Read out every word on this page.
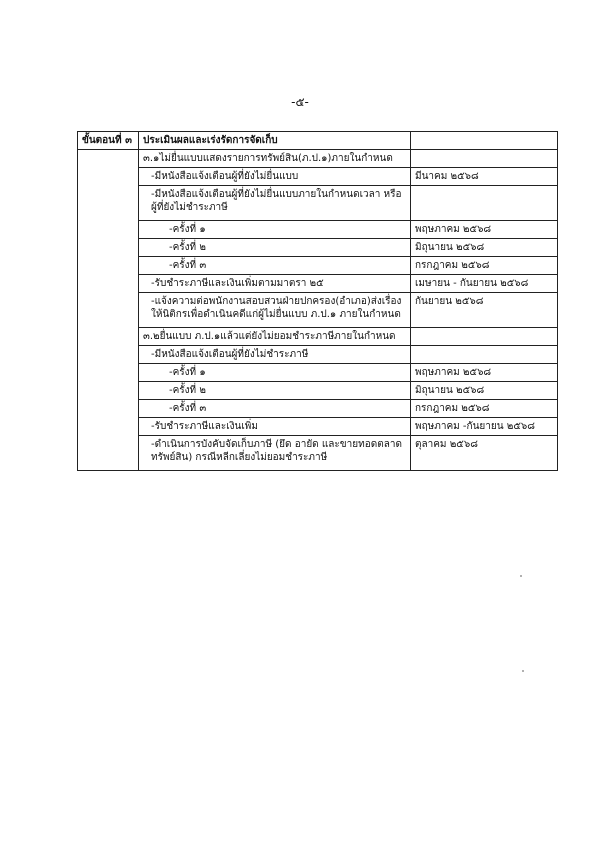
-๕-
ขั้นตอนที่ ๓	ประเมินผลและเร่งรัดการจัดเก็บ	
	๓.๑ไม่ยื่นแบบแสดงรายการทรัพย์สิน(ภ.ป.๑)ภายในกำหนด	
	-มีหนังสือแจ้งเตือนผู้ที่ยังไม่ยื่นแบบ	มีนาคม ๒๕๖๘
	-มีหนังสือแจ้งเตือนผู้ที่ยังไม่ยื่นแบบภายในกำหนดเวลา หรือผู้ที่ยังไม่ชำระภาษี	
	-ครั้งที่ ๑	พฤษภาคม ๒๕๖๘
	-ครั้งที่ ๒	มิถุนายน ๒๕๖๘
	-ครั้งที่ ๓	กรกฎาคม ๒๕๖๘
	-รับชำระภาษีและเงินเพิ่มตามมาตรา ๒๕	เมษายน - กันยายน ๒๕๖๘
	-แจ้งความต่อพนักงานสอบสวนฝ่ายปกครอง(อำเภอ)ส่งเรื่องให้นิติกรเพื่อดำเนินคดีแก่ผู้ไม่ยื่นแบบ ภ.ป.๑ ภายในกำหนด	กันยายน ๒๕๖๘
	๓.๒ยื่นแบบ ภ.ป.๑แล้วแต่ยังไม่ยอมชำระภาษีภายในกำหนด	
	-มีหนังสือแจ้งเตือนผู้ที่ยังไม่ชำระภาษี	
	-ครั้งที่ ๑	พฤษภาคม ๒๕๖๘
	-ครั้งที่ ๒	มิถุนายน ๒๕๖๘
	-ครั้งที่ ๓	กรกฎาคม ๒๕๖๘
	-รับชำระภาษีและเงินเพิ่ม	พฤษภาคม -กันยายน ๒๕๖๘
	-ดำเนินการบังคับจัดเก็บภาษี (ยึด อายัด และขายทอดตลาดทรัพย์สิน) กรณีหลีกเลี่ยงไม่ยอมชำระภาษี	ตุลาคม ๒๕๖๘
